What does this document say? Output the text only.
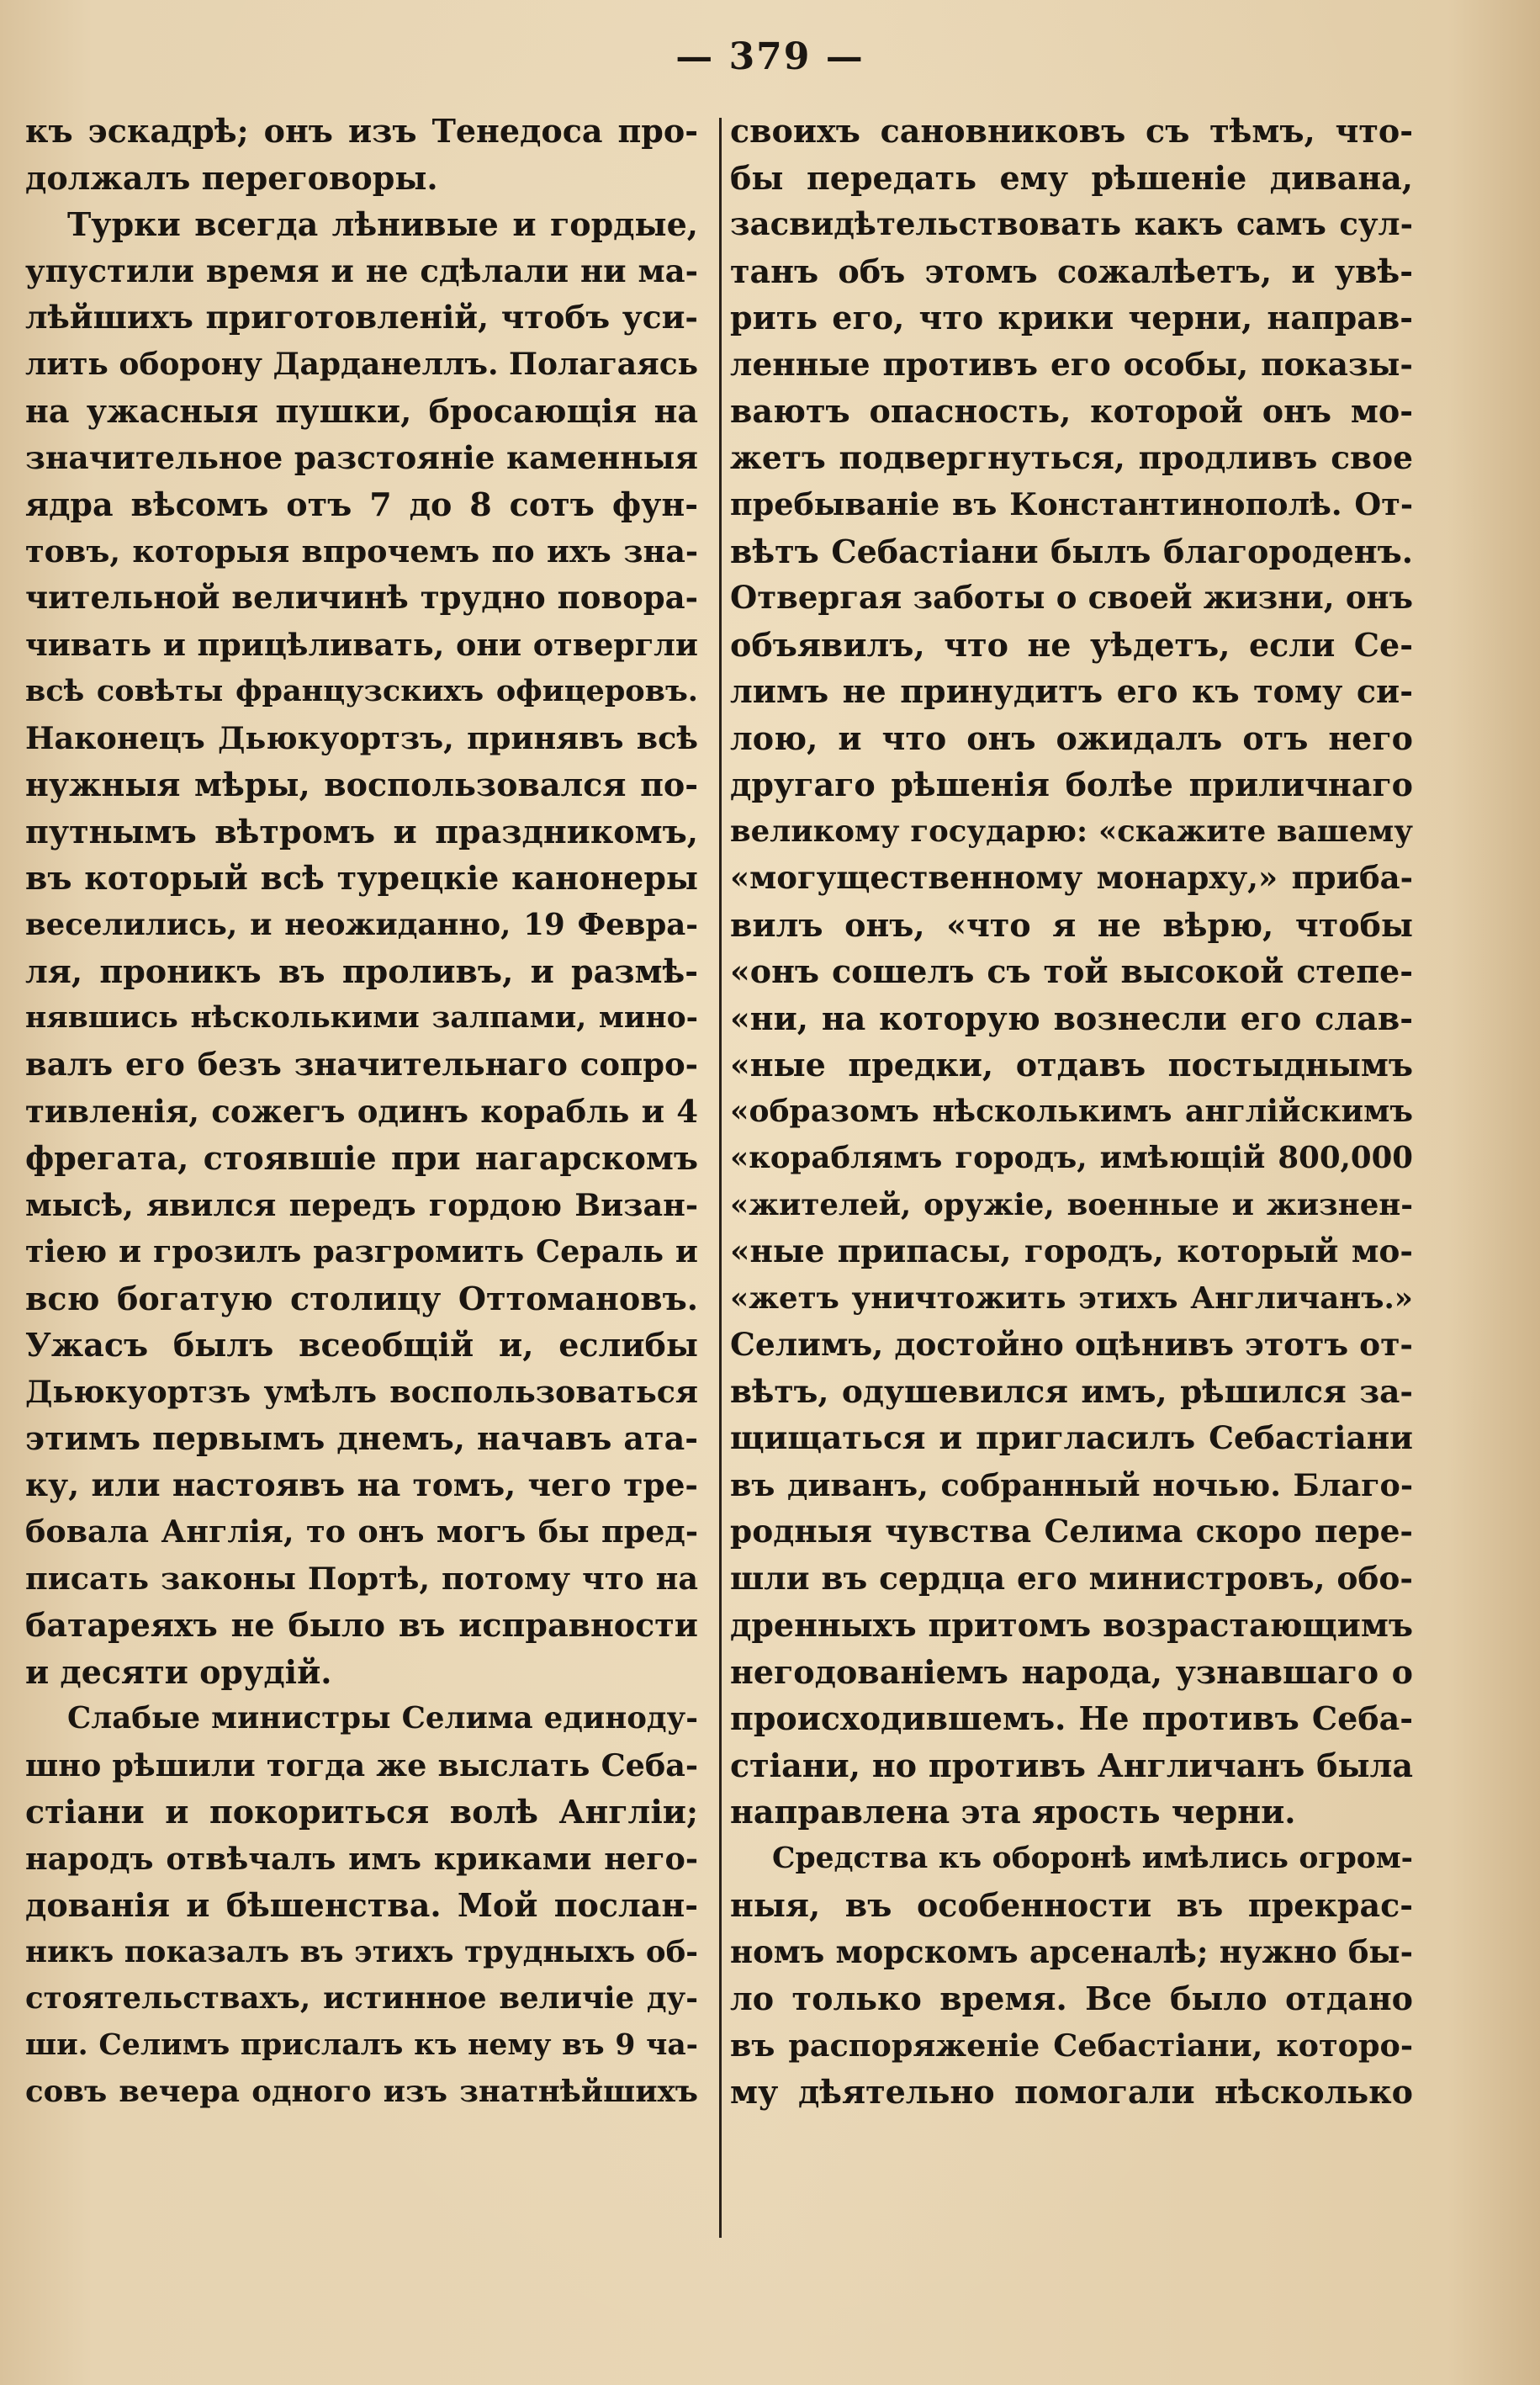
— 379 —
къ эскадрѣ; онъ изъ Тенедоса про-
должалъ переговоры.
Турки всегда лѣнивые и гордые,
упустили время и не сдѣлали ни ма-
лѣйшихъ приготовленій, чтобъ уси-
лить оборону Дарданеллъ. Полагаясь
на ужасныя пушки, бросающія на
значительное разстояніе каменныя
ядра вѣсомъ отъ 7 до 8 сотъ фун-
товъ, которыя впрочемъ по ихъ зна-
чительной величинѣ трудно повора-
чивать и прицѣливать, они отвергли
всѣ совѣты французскихъ офицеровъ.
Наконецъ Дьюкуортзъ, принявъ всѣ
нужныя мѣры, воспользовался по-
путнымъ вѣтромъ и праздникомъ,
въ который всѣ турецкіе канонеры
веселились, и неожиданно, 19 Февра-
ля, проникъ въ проливъ, и размѣ-
нявшись нѣсколькими залпами, мино-
валъ его безъ значительнаго сопро-
тивленія, сожегъ одинъ корабль и 4
фрегата, стоявшіе при нагарскомъ
мысѣ, явился передъ гордою Визан-
тіею и грозилъ разгромить Сераль и
всю богатую столицу Оттомановъ.
Ужасъ былъ всеобщій и, еслибы
Дьюкуортзъ умѣлъ воспользоваться
этимъ первымъ днемъ, начавъ ата-
ку, или настоявъ на томъ, чего тре-
бовала Англія, то онъ могъ бы пред-
писать законы Портѣ, потому что на
батареяхъ не было въ исправности
и десяти орудій.
Слабые министры Селима единоду-
шно рѣшили тогда же выслать Себа-
стіани и покориться волѣ Англіи;
народъ отвѣчалъ имъ криками него-
дованія и бѣшенства. Мой послан-
никъ показалъ въ этихъ трудныхъ об-
стоятельствахъ, истинное величіе ду-
ши. Селимъ прислалъ къ нему въ 9 ча-
совъ вечера одного изъ знатнѣйшихъ
своихъ сановниковъ съ тѣмъ, что-
бы передать ему рѣшеніе дивана,
засвидѣтельствовать какъ самъ сул-
танъ объ этомъ сожалѣетъ, и увѣ-
рить его, что крики черни, направ-
ленные противъ его особы, показы-
ваютъ опасность, которой онъ мо-
жетъ подвергнуться, продливъ свое
пребываніе въ Константинополѣ. От-
вѣтъ Себастіани былъ благороденъ.
Отвергая заботы о своей жизни, онъ
объявилъ, что не уѣдетъ, если Се-
лимъ не принудитъ его къ тому си-
лою, и что онъ ожидалъ отъ него
другаго рѣшенія болѣе приличнаго
великому государю: «скажите вашему
«могущественному монарху,» приба-
вилъ онъ, «что я не вѣрю, чтобы
«онъ сошелъ съ той высокой степе-
«ни, на которую вознесли его слав-
«ные предки, отдавъ постыднымъ
«образомъ нѣсколькимъ англійскимъ
«кораблямъ городъ, имѣющій 800,000
«жителей, оружіе, военные и жизнен-
«ные припасы, городъ, который мо-
«жетъ уничтожить этихъ Англичанъ.»
Селимъ, достойно оцѣнивъ этотъ от-
вѣтъ, одушевился имъ, рѣшился за-
щищаться и пригласилъ Себастіани
въ диванъ, собранный ночью. Благо-
родныя чувства Селима скоро пере-
шли въ сердца его министровъ, обо-
дренныхъ притомъ возрастающимъ
негодованіемъ народа, узнавшаго о
происходившемъ. Не противъ Себа-
стіани, но противъ Англичанъ была
направлена эта ярость черни.
Средства къ оборонѣ имѣлись огром-
ныя, въ особенности въ прекрас-
номъ морскомъ арсеналѣ; нужно бы-
ло только время. Все было отдано
въ распоряженіе Себастіани, которо-
му дѣятельно помогали нѣсколько
